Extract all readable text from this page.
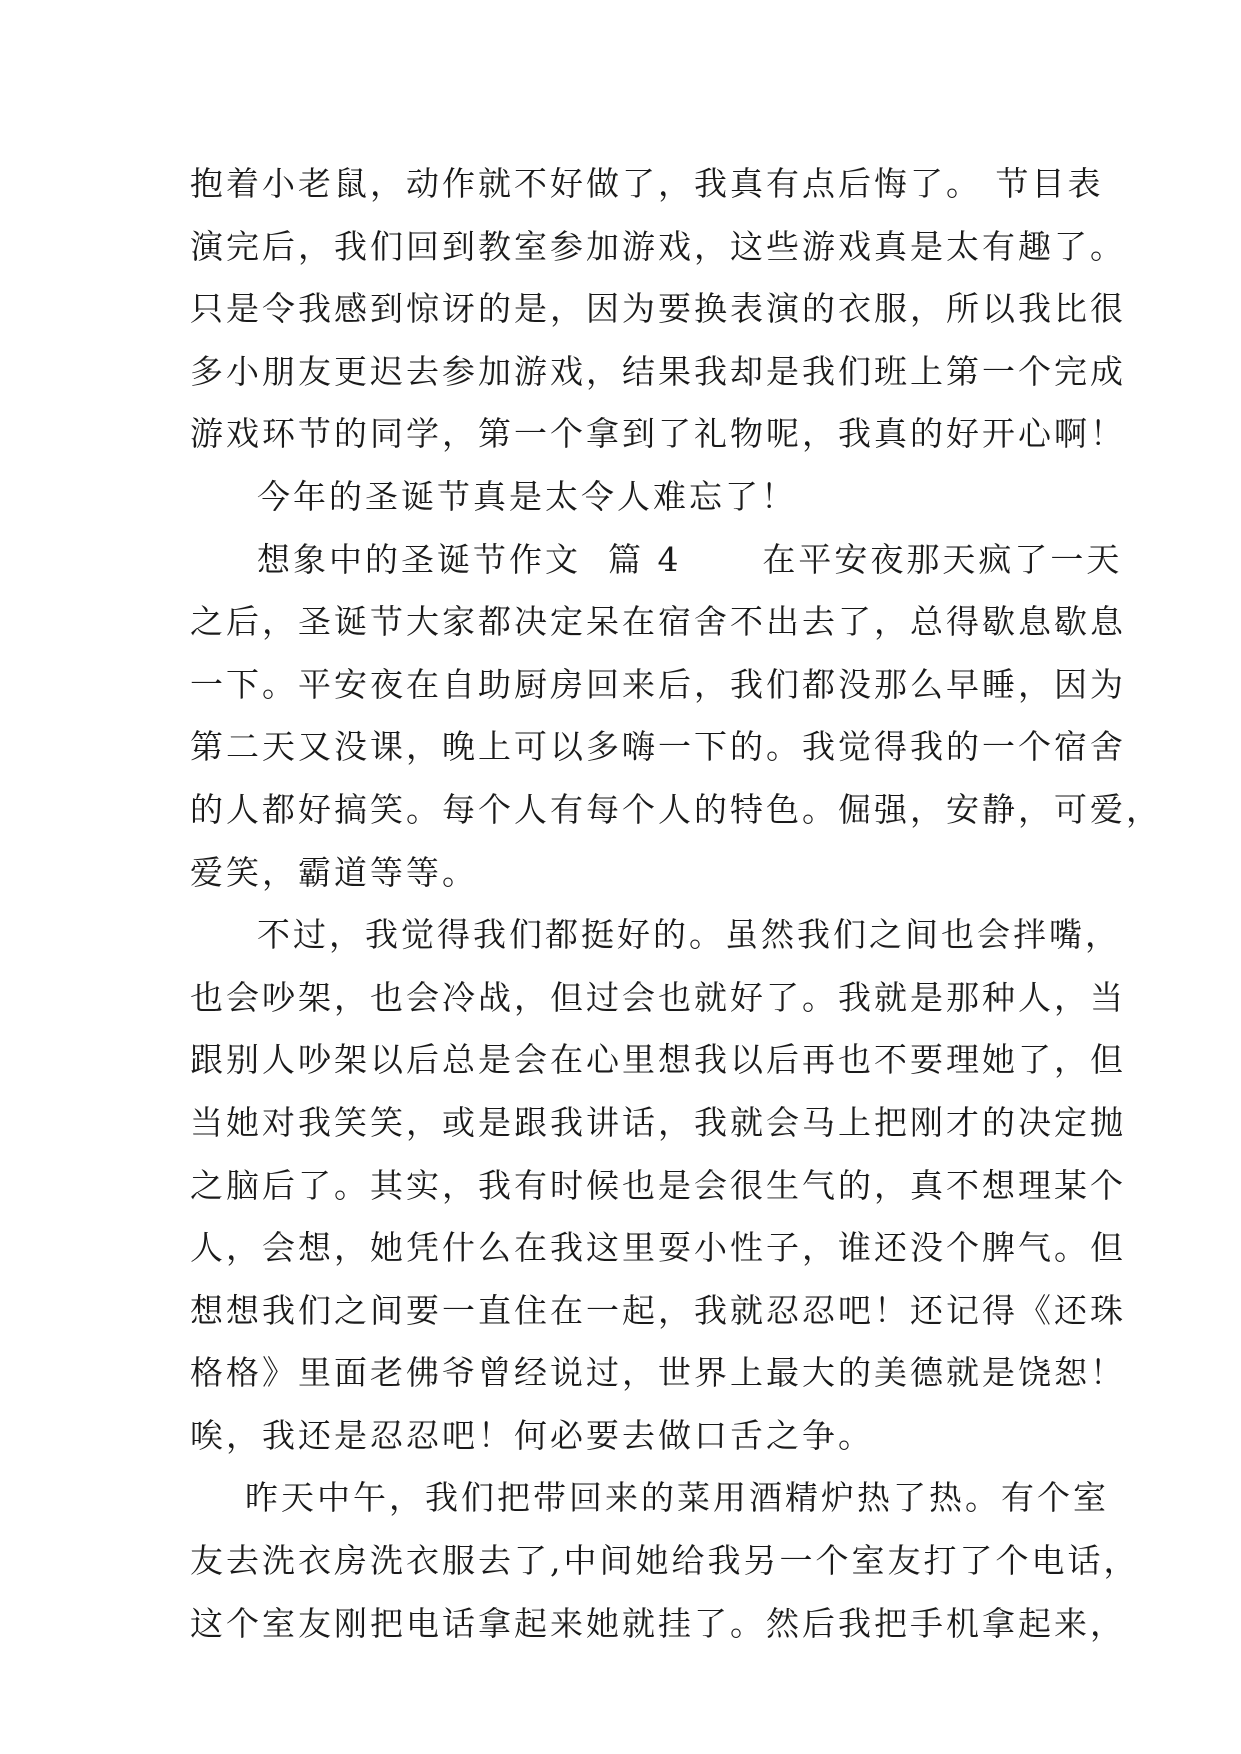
抱着小老鼠，动作就不好做了，我真有点后悔了。 节目表
演完后，我们回到教室参加游戏，这些游戏真是太有趣了。
只是令我感到惊讶的是，因为要换表演的衣服，所以我比很
多小朋友更迟去参加游戏，结果我却是我们班上第一个完成
游戏环节的同学，第一个拿到了礼物呢，我真的好开心啊！
今年的圣诞节真是太令人难忘了！
想象中的圣诞节作文  篇 4      在平安夜那天疯了一天
之后，圣诞节大家都决定呆在宿舍不出去了，总得歇息歇息
一下。平安夜在自助厨房回来后，我们都没那么早睡，因为
第二天又没课，晚上可以多嗨一下的。我觉得我的一个宿舍
的人都好搞笑。每个人有每个人的特色。倔强，安静，可爱，
爱笑，霸道等等。
不过，我觉得我们都挺好的。虽然我们之间也会拌嘴，
也会吵架，也会冷战，但过会也就好了。我就是那种人，当
跟别人吵架以后总是会在心里想我以后再也不要理她了，但
当她对我笑笑，或是跟我讲话，我就会马上把刚才的决定抛
之脑后了。其实，我有时候也是会很生气的，真不想理某个
人，会想，她凭什么在我这里耍小性子，谁还没个脾气。但
想想我们之间要一直住在一起，我就忍忍吧！还记得《还珠
格格》里面老佛爷曾经说过，世界上最大的美德就是饶恕！
唉，我还是忍忍吧！何必要去做口舌之争。
昨天中午，我们把带回来的菜用酒精炉热了热。有个室
友去洗衣房洗衣服去了,中间她给我另一个室友打了个电话，
这个室友刚把电话拿起来她就挂了。然后我把手机拿起来，
